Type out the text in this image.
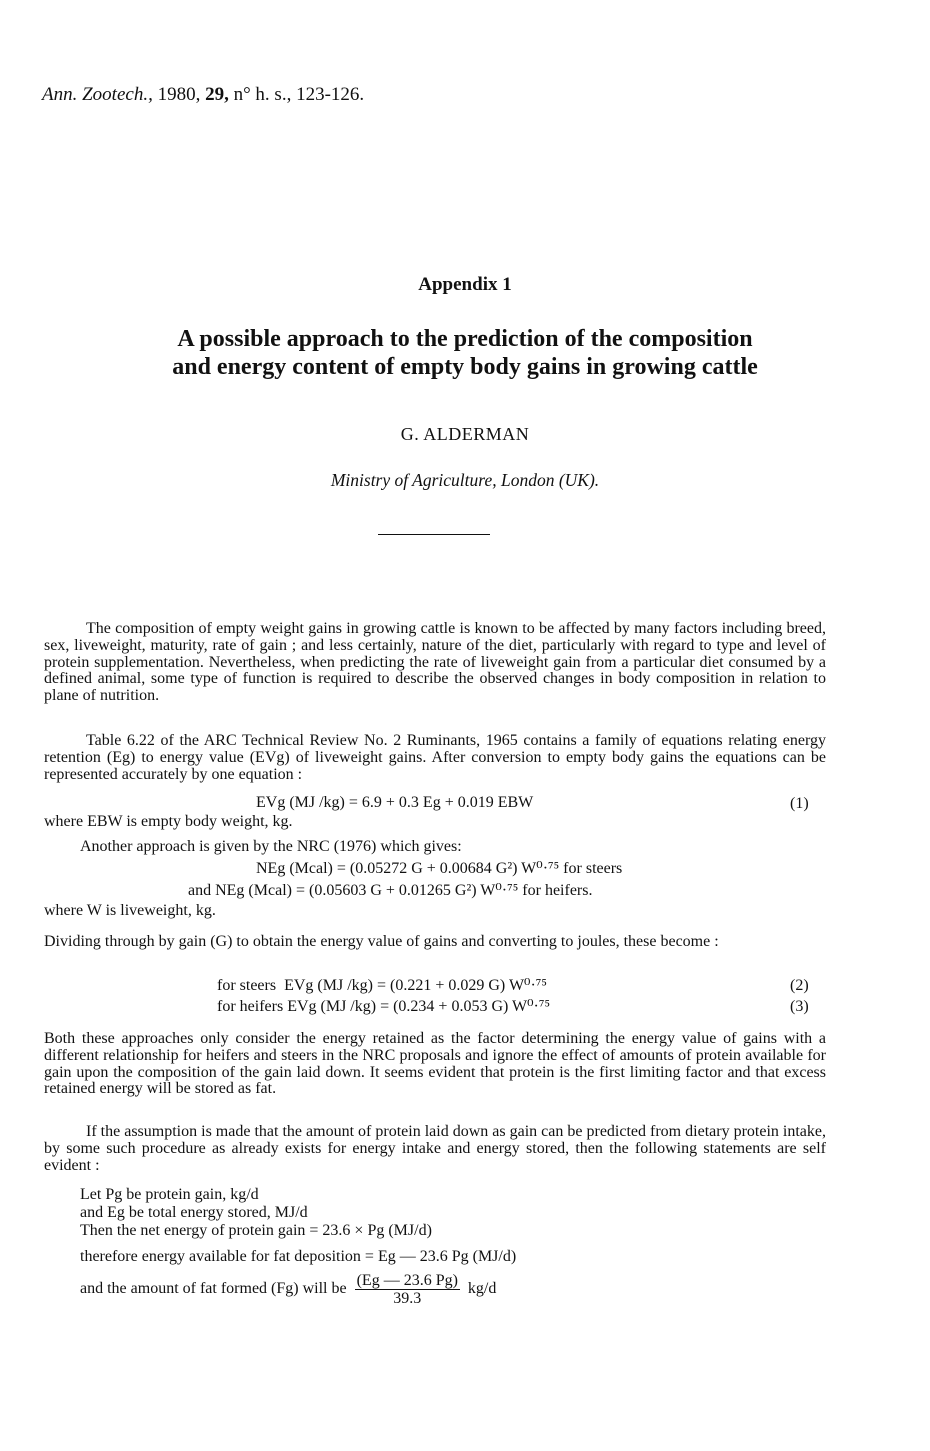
Ann. Zootech., 1980, 29, n° h. s., 123-126.
Appendix 1
A possible approach to the prediction of the composition
and energy content of empty body gains in growing cattle
G. ALDERMAN
Ministry of Agriculture, London (UK).
The composition of empty weight gains in growing cattle is known to be affected by many factors including breed, sex, liveweight, maturity, rate of gain ; and less certainly, nature of the diet, particularly with regard to type and level of protein supplementation. Nevertheless, when predicting the rate of liveweight gain from a particular diet consumed by a defined animal, some type of function is required to describe the observed changes in body composition in relation to plane of nutrition.
Table 6.22 of the ARC Technical Review No. 2 Ruminants, 1965 contains a family of equations relating energy retention (Eg) to energy value (EVg) of liveweight gains. After conversion to empty body gains the equations can be represented accurately by one equation :
EVg (MJ /kg) = 6.9 + 0.3 Eg + 0.019 EBW	(1)
where EBW is empty body weight, kg.
Another approach is given by the NRC (1976) which gives:
NEg (Mcal) = (0.05272 G + 0.00684 G²) W⁰·⁷⁵ for steers
and NEg (Mcal) = (0.05603 G + 0.01265 G²) W⁰·⁷⁵ for heifers.
where W is liveweight, kg.
Dividing through by gain (G) to obtain the energy value of gains and converting to joules, these become :
for steers  EVg (MJ /kg) = (0.221 + 0.029 G) W⁰·⁷⁵	(2)
for heifers EVg (MJ /kg) = (0.234 + 0.053 G) W⁰·⁷⁵	(3)
Both these approaches only consider the energy retained as the factor determining the energy value of gains with a different relationship for heifers and steers in the NRC proposals and ignore the effect of amounts of protein available for gain upon the composition of the gain laid down. It seems evident that protein is the first limiting factor and that excess retained energy will be stored as fat.
If the assumption is made that the amount of protein laid down as gain can be predicted from dietary protein intake, by some such procedure as already exists for energy intake and energy stored, then the following statements are self evident :
Let Pg be protein gain, kg/d
and Eg be total energy stored, MJ/d
Then the net energy of protein gain = 23.6 × Pg (MJ/d)
therefore energy available for fat deposition = Eg — 23.6 Pg (MJ/d)
and the amount of fat formed (Fg) will be $\frac{(Eg — 23.6 Pg)}{39.3} kg/d$
